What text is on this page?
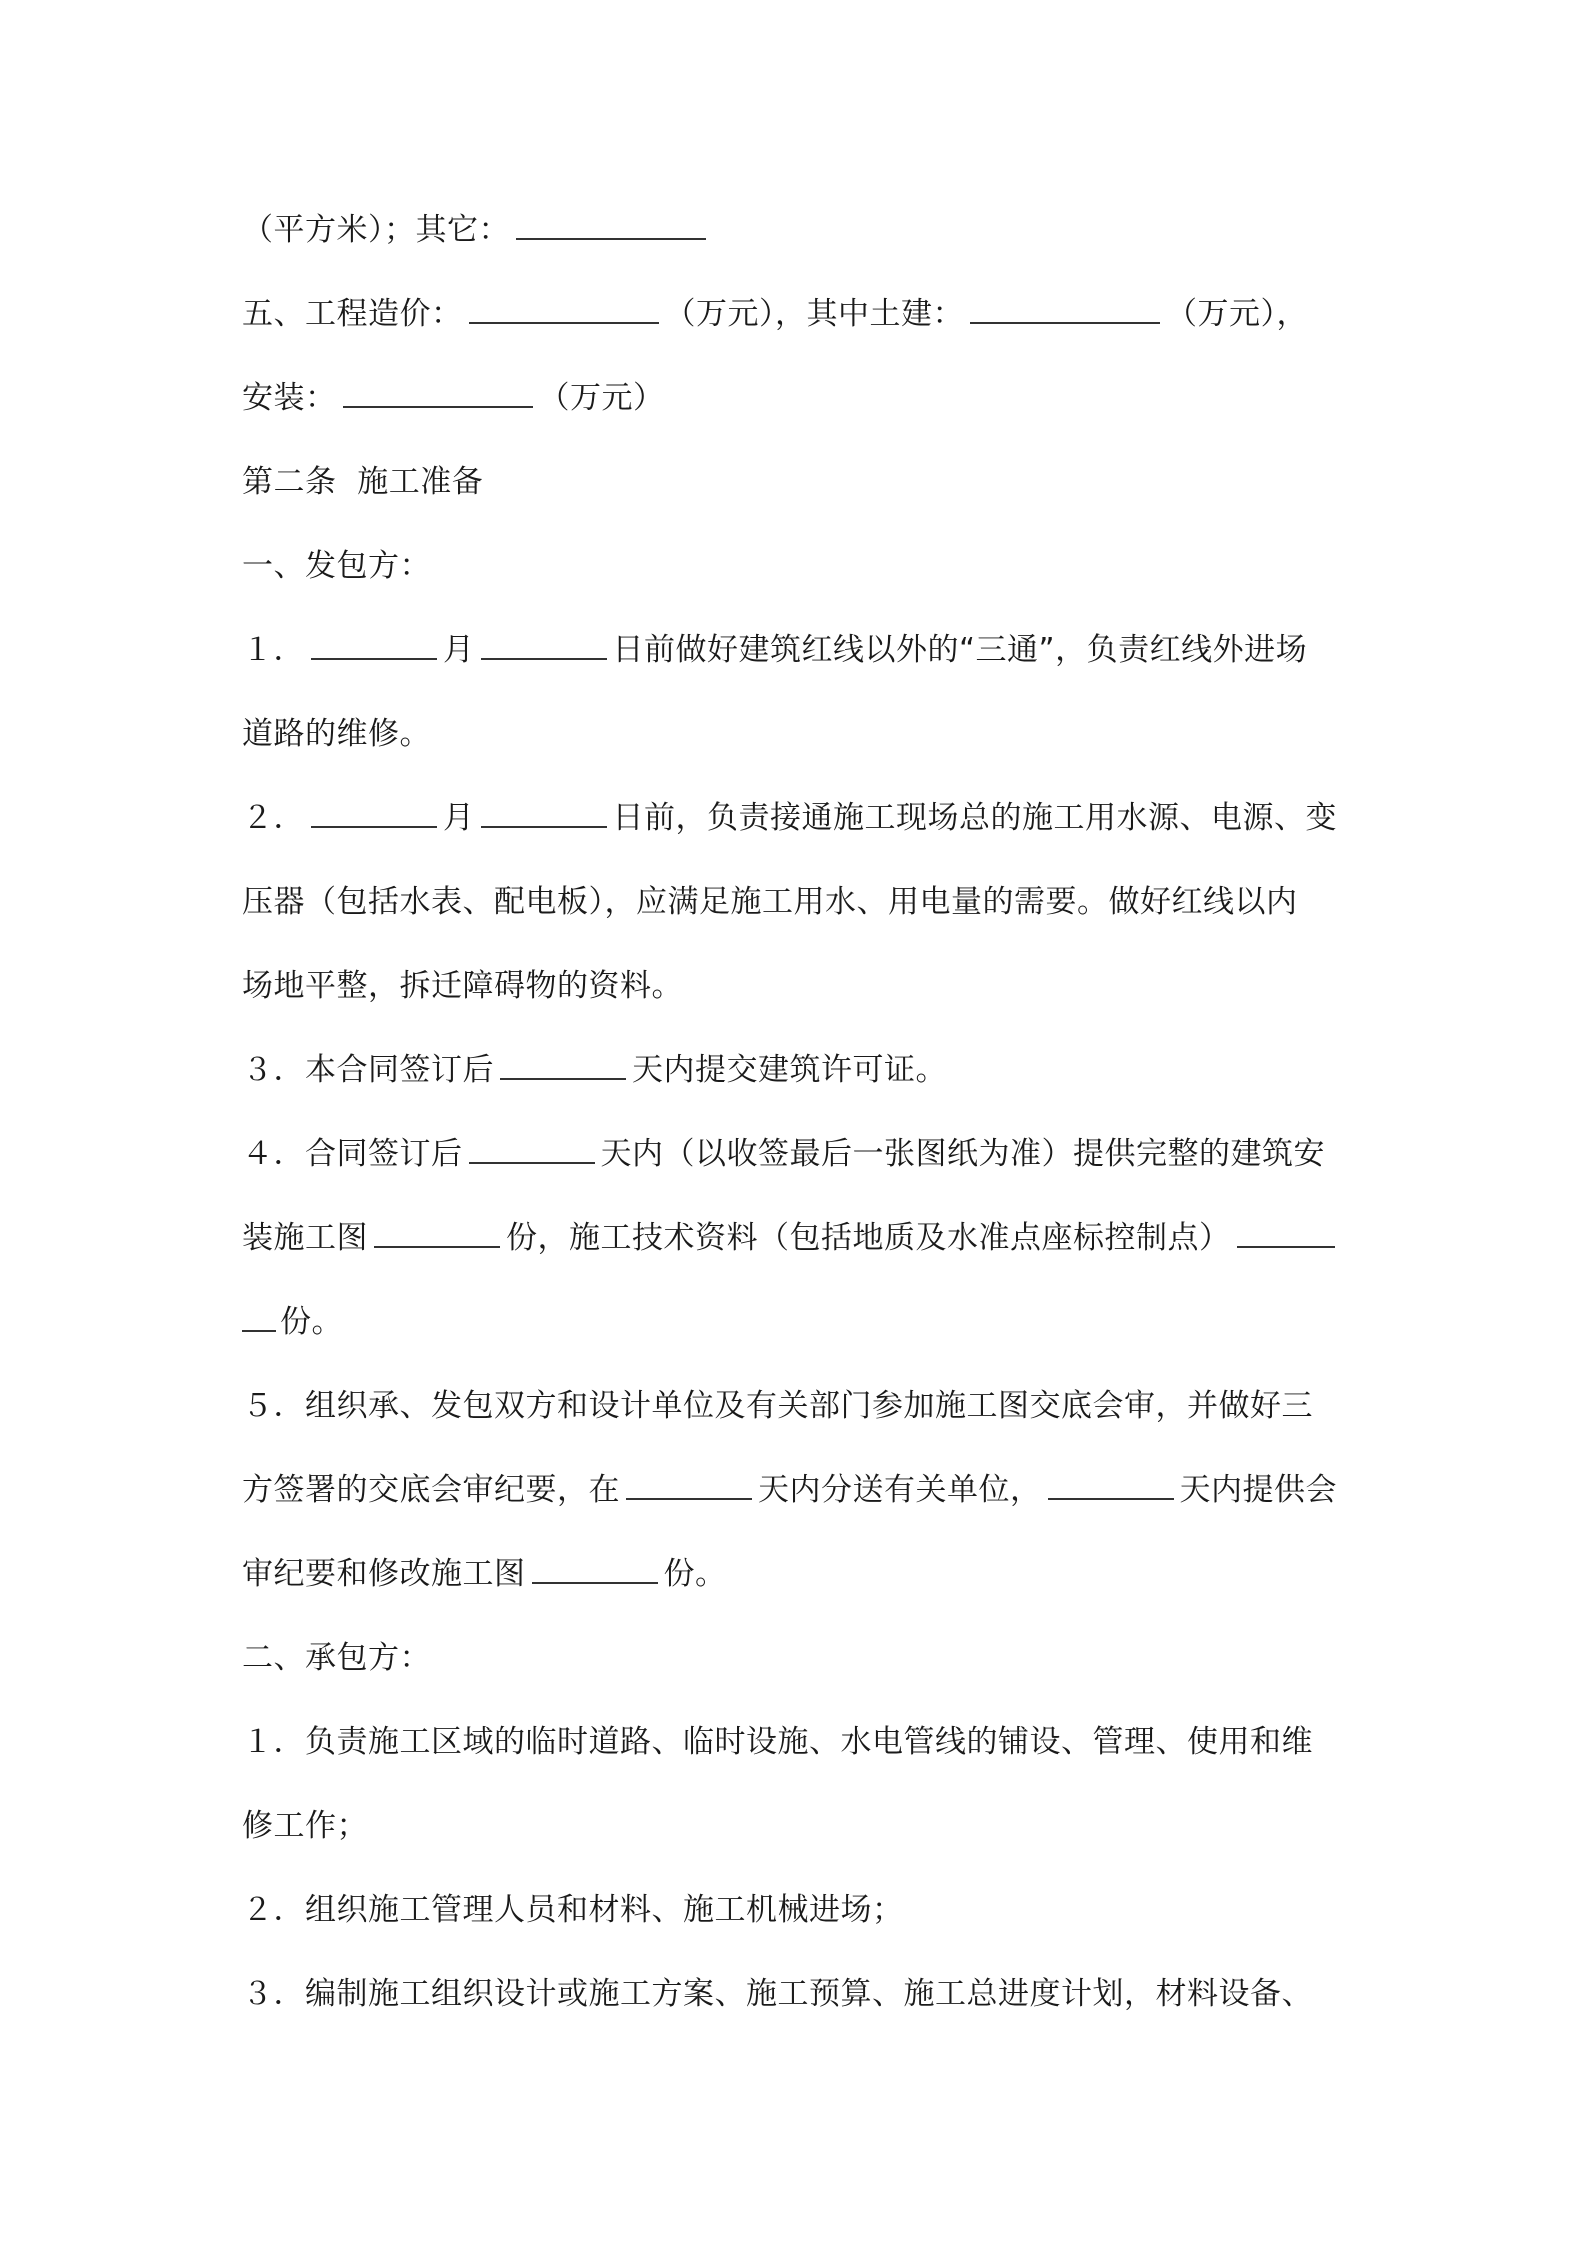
（平方米）；其它：
五、工程造价：	（万元），其中土建：	（万元），
安装：	（万元）
第二条  施工准备
一、发包方：
１．	月	日前做好建筑红线以外的“三通”，负责红线外进场
道路的维修。
２．	月	日前，负责接通施工现场总的施工用水源、电源、变
压器（包括水表、配电板），应满足施工用水、用电量的需要。做好红线以内
场地平整，拆迁障碍物的资料。
３．本合同签订后	天内提交建筑许可证。
４．合同签订后	天内（以收签最后一张图纸为准）提供完整的建筑安
装施工图	份，施工技术资料（包括地质及水准点座标控制点）
份。
５．组织承、发包双方和设计单位及有关部门参加施工图交底会审，并做好三
方签署的交底会审纪要，在	天内分送有关单位，	天内提供会
审纪要和修改施工图	份。
二、承包方：
１．负责施工区域的临时道路、临时设施、水电管线的铺设、管理、使用和维
修工作；
２．组织施工管理人员和材料、施工机械进场；
３．编制施工组织设计或施工方案、施工预算、施工总进度计划，材料设备、
